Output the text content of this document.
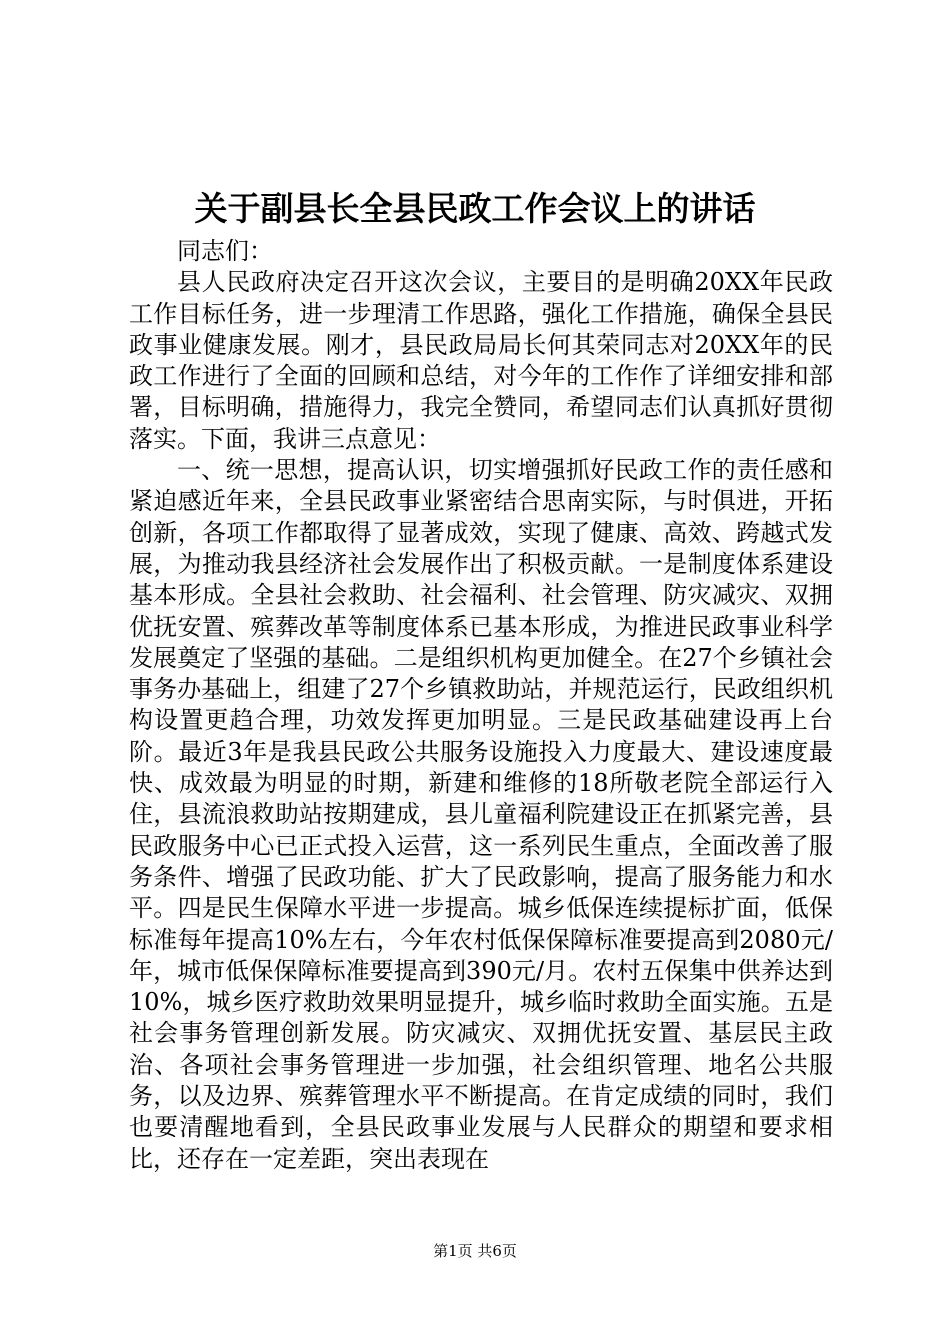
关于副县长全县民政工作会议上的讲话

同志们：

县人民政府决定召开这次会议，主要目的是明确20XX年民政工作目标任务，进一步理清工作思路，强化工作措施，确保全县民政事业健康发展。刚才，县民政局局长何其荣同志对20XX年的民政工作进行了全面的回顾和总结，对今年的工作作了详细安排和部署，目标明确，措施得力，我完全赞同，希望同志们认真抓好贯彻落实。下面，我讲三点意见：

一、统一思想，提高认识，切实增强抓好民政工作的责任感和紧迫感近年来，全县民政事业紧密结合思南实际，与时俱进，开拓创新，各项工作都取得了显著成效，实现了健康、高效、跨越式发展，为推动我县经济社会发展作出了积极贡献。一是制度体系建设基本形成。全县社会救助、社会福利、社会管理、防灾减灾、双拥优抚安置、殡葬改革等制度体系已基本形成，为推进民政事业科学发展奠定了坚强的基础。二是组织机构更加健全。在27个乡镇社会事务办基础上，组建了27个乡镇救助站，并规范运行，民政组织机构设置更趋合理，功效发挥更加明显。三是民政基础建设再上台阶。最近3年是我县民政公共服务设施投入力度最大、建设速度最快、成效最为明显的时期，新建和维修的18所敬老院全部运行入住，县流浪救助站按期建成，县儿童福利院建设正在抓紧完善，县民政服务中心已正式投入运营，这一系列民生重点，全面改善了服务条件、增强了民政功能、扩大了民政影响，提高了服务能力和水平。四是民生保障水平进一步提高。城乡低保连续提标扩面，低保标准每年提高10%左右，今年农村低保保障标准要提高到2080元/年，城市低保保障标准要提高到390元/月。农村五保集中供养达到10%，城乡医疗救助效果明显提升，城乡临时救助全面实施。五是社会事务管理创新发展。防灾减灾、双拥优抚安置、基层民主政治、各项社会事务管理进一步加强，社会组织管理、地名公共服务，以及边界、殡葬管理水平不断提高。在肯定成绩的同时，我们也要清醒地看到，全县民政事业发展与人民群众的期望和要求相比，还存在一定差距，突出表现在

第1页 共6页
